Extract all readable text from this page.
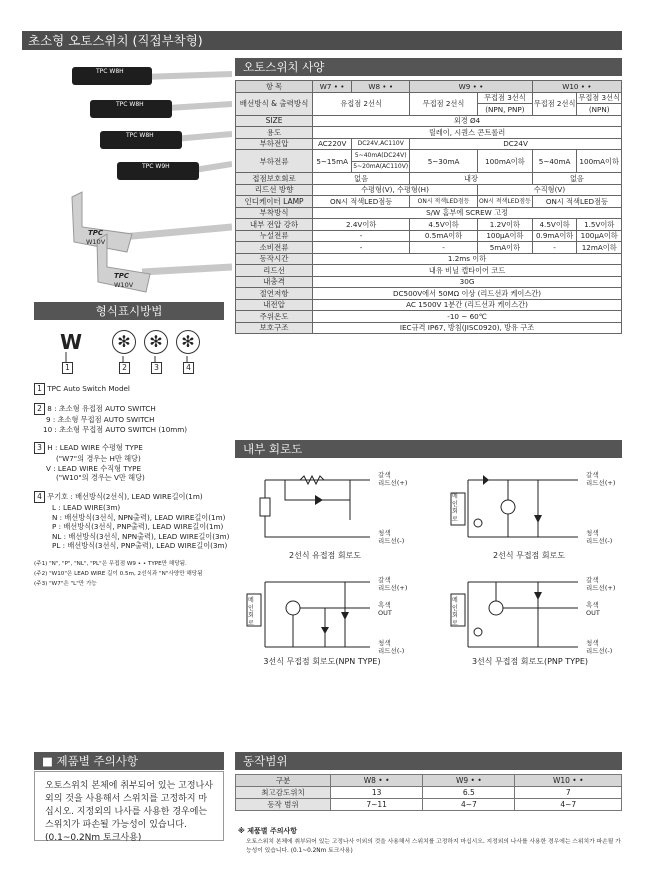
초소형 오토스위치 (직접부착형)
TPC W8H
TPC W8H
TPC W8H
TPC W9H
TPC
W10V
TPC
W10V
오토스위치 사양
항 목	W7 • •	W8 • •	W9 • •		W10 • •	
배선방식 & 출력방식	유접점 2선식		무접점 2선식	무접점 3선식	무접점 2선식	무접점 3선식
				(NPN, PNP)		(NPN)
SIZE	외경 Ø4					
용도	릴레이, 시퀀스 콘트롤러					
부하전압	AC220V	DC24V,AC110V	DC24V			
부하전류	5~15mA	5~40mA(DC24V)	5~30mA	100mA이하	5~40mA	100mA이하
		5~20mA(AC110V)				
접점보호회로	없음		내장		없음	
리드선 방향	수평형(V), 수평형(H)			수직형(V)		
인디케이터 LAMP	ON시 적색LED점등		ON시 적색LED점등	ON시 적색LED점등	ON시 적색LED점등	
부착방식	S/W 홈부에 SCREW 고정					
내부 전압 강하	2.4V이하		4.5V이하	1.2V이하	4.5V이하	1.5V이하
누설전류	-		0.5mA이하	100μA이하	0.9mA이하	100μA이하
소비전류	-		-	5mA이하	-	12mA이하
동작시간	1.2ms 이하					
리드선	내유 비닐 캡타이어 코드					
내충격	30G					
절연저항	DC500V에서 50MΩ 이상 (리드선과 케이스간)					
내전압	AC 1500V 1분간 (리드선과 케이스간)					
주위온도	-10 ~ 60℃					
보호구조	IEC규격 IP67, 방침(JISC0920), 방유 구조					
형식표시방법
W	✻	✻	✻
1	2	3	4
1 TPC Auto Switch Model
2 8 : 초소형 유접점 AUTO SWITCH
9 : 초소형 무접점 AUTO SWITCH
10 : 초소형 무접점 AUTO SWITCH (10mm)
3 H : LEAD WIRE 수평형 TYPE
("W7"의 경우는 H만 해당)
V : LEAD WIRE 수직형 TYPE
("W10"의 경우는 V만 해당)
4 무기호 : 배선방식(2선식), LEAD WIRE길이(1m)
L : LEAD WIRE(3m)
N : 배선방식(3선식, NPN출력), LEAD WIRE길이(1m)
P : 배선방식(3선식, PNP출력), LEAD WIRE길이(1m)
NL : 배선방식(3선식, NPN출력), LEAD WIRE길이(3m)
PL : 배선방식(3선식, PNP출력), LEAD WIRE길이(3m)
(주1) "N", "P", "NL", "PL"은 무접점 W9 • • TYPE만 해당됨.
(주2) "W10"은 LEAD WIRE 길이 0.5m, 2선식과 "N"사양만 해당됨
(주3) "W7"은 "L"만 가능
내부 회로도
갈색
리드선(+)
청색
리드선(-)
2선식 유접점 회로도
메인회로
갈색
리드선(+)
청색
리드선(-)
2선식 무접점 회로도
메인회로
갈색
리드선(+)
흑색
OUT
청색
리드선(-)
3선식 무접점 회로도(NPN TYPE)
메인회로
갈색
리드선(+)
흑색
OUT
청색
리드선(-)
3선식 무접점 회로도(PNP TYPE)
■ 제품별 주의사항
오토스위치 본체에 취부되어 있는 고정나사외의 것을 사용해서 스위치를 고정하지 마십시오. 지정외의 나사를 사용한 경우에는 스위치가 파손될 가능성이 있습니다. (0.1~0.2Nm 토크사용)
동작범위
구분	W8 • •	W9 • •	W10 • •
최고감도위치	13	6.5	7
동작 범위	7~11	4~7	4~7
※ 제품별 주의사항
오토스위치 본체에 취부되어 있는 고정나사 이외의 것을 사용해서 스위치를 고정하지 마십시오. 지정외의 나사를 사용한 경우에는 스위치가 파손될 가능성이 있습니다. (0.1~0.2Nm 토크사용)
